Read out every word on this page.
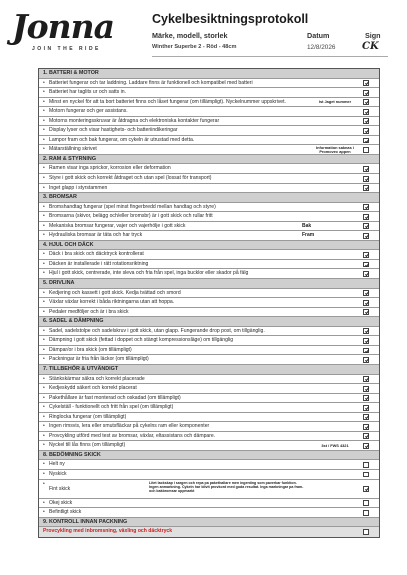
Jonna
JOIN THE RIDE
Cykelbesiktningsprotokoll
Märke, modell, storlek	Datum	Sign
Winther Superbe 2 - Röd - 48cm	12/8/2026	CK
1. BATTERI & MOTOR
• Batteriet fungerar och tar laddning. Laddare finns är funktionell och kompatibel med batteri
• Batteriet har taglits ur och satts in.
• Minst en nyckel för att ta bort batteriet finns och låset fungerar (om tillämpligt). Nyckelnummer uppskrivet.	Ist Jaget nummer
• Motorn fungerar och ger assistans.
• Motorns monteringsskruvar är åtdragna och elektroniska kontakter fungerar
• Display lyser och visar hastighets- och batteriindikeringar
• Lampor fram och bak fungerar, om cykeln är utrustad med detta.
• Mätarställning skrivet	Information saknas i Promovec appen
2. RAM & STYRNING
• Ramen visar inga sprickor, korrosion eller deformation
• Styre i gott skick och korrekt åtdraget och utan spel (lossat för transport)
• Inget glapp i styrstammen
3. BROMSAR
• Bromshandtag fungerar (spel minst fingerbredd mellan handtag och styre)
• Bromsarna (skivor, belägg och/eller bromsbr) är i gott skick och rullar fritt
• Mekaniska bromsar fungerar, vajer och vajerhölje i gott skick	Bak
• Hydrauliska bromsar är täta och har tryck	Fram
4. HJUL OCH DÄCK
• Däck i bra skick och däcktryck kontrollerat
• Däcken är installerade i rätt rotationsriktning
• Hjul i gott skick, centrerade, inte sleva och fria från spel, inga bucklor eller skador på fälg
5. DRIVLINA
• Kedjering och kassett i gott skick. Kedja tvättad och smord
• Växlar växlar korrekt i båda riktningarna utan att hoppa.
• Pedaler medföljer och är i bra skick
6. SADEL & DÄMPNING
• Sadel, sadelstolpe och sadelskruv i gott skick, utan glapp. Fungerande drop post, om tillgänglig.
• Dämpning i gott skick (fettad i doppet och stängt kompressionsläge) om tillgänglig
• Dämpar/or i bra skick (om tillämpligt)
• Packningar är fria från läckor (om tillämpligt)
7. TILLBEHÖR & UTVÄNDIGT
• Stänkskärmar säkra och korrekt placerade
• Kedjeskydd säkert och korrekt placerat
• Pakethållare är fast monterad och oskadad (om tillämpligt)
• Cykelställ - funktionellt och fritt från spel (om tillämpligt)
• Ringlocka fungerar (om tillämpligt)
• Ingen rimsvis, lera eller smutsfläckar på cykelns ram eller komponenter
• Provcykling utförd med test av bromsar, växlar, eltassistans och dämpare.
• Nyckel till lås finns (om tillämpligt)	3st / FWS 4321
8. BEDÖMNING SKICK
• Helt ny
• Nyskick
•
Fint skick
Litet lackskap i sargen och repa pa pakethallare men ingenting som paverkar funktion. Ingen anmarkning. Cykeln har blivit provkord med goda resultat. Inga markningar pa fram- och bakbromsar uppmarkt
• Okej skick
• Befintligt skick
9. KONTROLL INNAN PACKNING
Provcykling med inbromsning, växling och däcktryck
